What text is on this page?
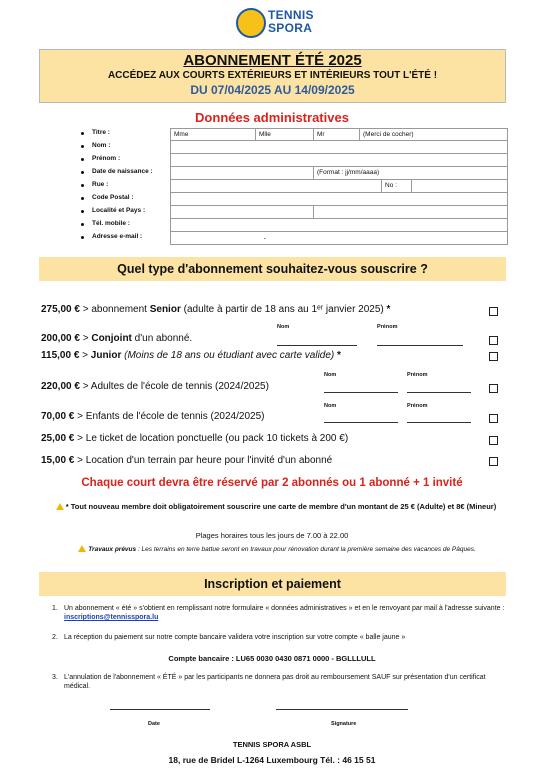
TENNIS
SPORA
ABONNEMENT ÉTÉ 2025
ACCÉDEZ AUX COURTS EXTÉRIEURS ET INTÉRIEURS TOUT L'ÉTÉ !
DU 07/04/2025 AU 14/09/2025
Données administratives
Titre :	Mme	Mlle	Mr	(Merci de cocher)
Nom :
Prénom :
Date de naissance :	(Format : jj/mm/aaaa)
Rue :	No :
Code Postal :
Localité et Pays :
Tél. mobile :
Adresse e-mail :	.
Quel type d'abonnement souhaitez-vous souscrire ?
275,00 € > abonnement Senior (adulte à partir de 18 ans au 1ᵉʳ janvier 2025) *
Nom	Prénom
200,00 € > Conjoint d'un abonné.
115,00 € > Junior (Moins de 18 ans ou étudiant avec carte valide) *
Nom	Prénom
220,00 € > Adultes de l'école de tennis (2024/2025)
Nom	Prénom
70,00 € > Enfants de l'école de tennis (2024/2025)
25,00 € > Le ticket de location ponctuelle (ou pack 10 tickets à 200 €)
15,00 € > Location d'un terrain par heure pour l'invité d'un abonné
Chaque court devra être réservé par 2 abonnés ou 1 abonné + 1 invité
* Tout nouveau membre doit obligatoirement souscrire une carte de membre d'un montant de 25 € (Adulte) et 8€ (Mineur)
Plages horaires tous les jours de 7.00 à 22.00
Travaux prévus : Les terrains en terre battue seront en travaux pour rénovation durant la première semaine des vacances de Pâques.
Inscription et paiement
1. Un abonnement « été » s'obtient en remplissant notre formulaire « données administratives » et en le renvoyant par mail à l'adresse suivante : inscriptions@tennisspora.lu
2. La réception du paiement sur notre compte bancaire validera votre inscription sur votre compte « balle jaune »
Compte bancaire : LU65 0030 0430 0871 0000 - BGLLLULL
3. L'annulation de l'abonnement « ÉTÉ » par les participants ne donnera pas droit au remboursement SAUF sur présentation d'un certificat médical.
Date	Signature
TENNIS SPORA ASBL
18, rue de Bridel L-1264 Luxembourg Tél. : 46 15 51
